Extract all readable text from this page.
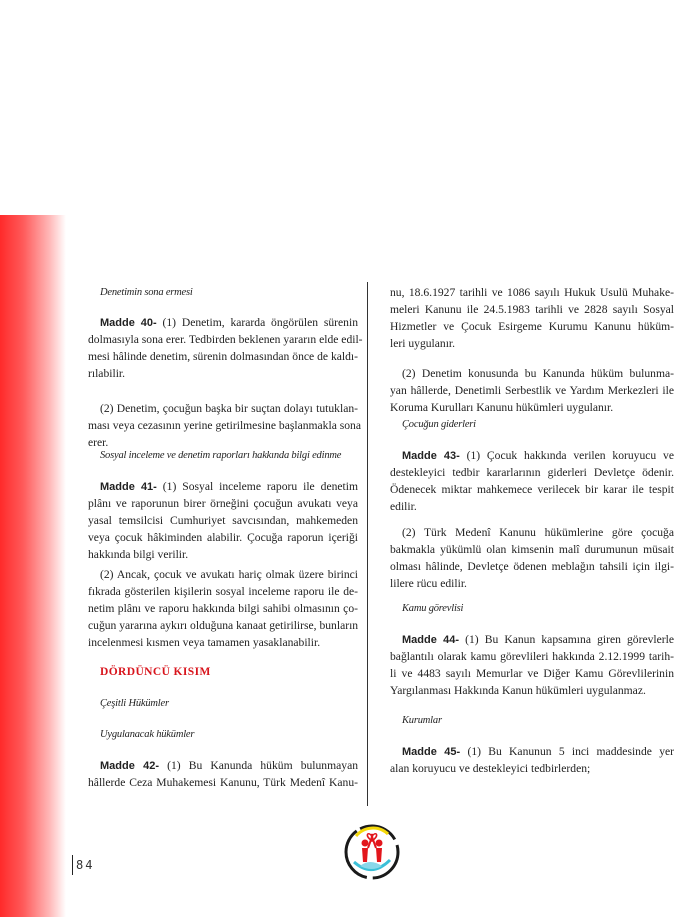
Denetimin sona ermesi
Madde 40- (1) Denetim, kararda öngörülen sürenin
dolmasıyla sona erer. Tedbirden beklenen yararın elde edil-
mesi hâlinde denetim, sürenin dolmasından önce de kaldı-
rılabilir.
(2) Denetim, çocuğun başka bir suçtan dolayı tutuklan-
ması veya cezasının yerine getirilmesine başlanmakla sona
erer.
Sosyal inceleme ve denetim raporları hakkında bilgi edinme
Madde 41- (1) Sosyal inceleme raporu ile denetim
plânı ve raporunun birer örneğini çocuğun avukatı veya
yasal temsilcisi Cumhuriyet savcısından, mahkemeden
veya çocuk hâkiminden alabilir. Çocuğa raporun içeriği
hakkında bilgi verilir.
(2) Ancak, çocuk ve avukatı hariç olmak üzere birinci
fıkrada gösterilen kişilerin sosyal inceleme raporu ile de-
netim plânı ve raporu hakkında bilgi sahibi olmasının ço-
cuğun yararına aykırı olduğuna kanaat getirilirse, bunların
incelenmesi kısmen veya tamamen yasaklanabilir.
DÖRDÜNCÜ KISIM
Çeşitli Hükümler
Uygulanacak hükümler
Madde 42- (1) Bu Kanunda hüküm bulunmayan
hâllerde Ceza Muhakemesi Kanunu, Türk Medenî Kanu-
nu, 18.6.1927 tarihli ve 1086 sayılı Hukuk Usulü Muhake-
meleri Kanunu ile 24.5.1983 tarihli ve 2828 sayılı Sosyal
Hizmetler ve Çocuk Esirgeme Kurumu Kanunu hüküm-
leri uygulanır.
(2) Denetim konusunda bu Kanunda hüküm bulunma-
yan hâllerde, Denetimli Serbestlik ve Yardım Merkezleri ile
Koruma Kurulları Kanunu hükümleri uygulanır.
Çocuğun giderleri
Madde 43- (1) Çocuk hakkında verilen koruyucu ve
destekleyici tedbir kararlarının giderleri Devletçe ödenir.
Ödenecek miktar mahkemece verilecek bir karar ile tespit
edilir.
(2) Türk Medenî Kanunu hükümlerine göre çocuğa
bakmakla yükümlü olan kimsenin malî durumunun müsait
olması hâlinde, Devletçe ödenen meblağın tahsili için ilgi-
lilere rücu edilir.
Kamu görevlisi
Madde 44- (1) Bu Kanun kapsamına giren görevlerle
bağlantılı olarak kamu görevlileri hakkında 2.12.1999 tarih-
li ve 4483 sayılı Memurlar ve Diğer Kamu Görevlilerinin
Yargılanması Hakkında Kanun hükümleri uygulanmaz.
Kurumlar
Madde 45- (1) Bu Kanunun 5 inci maddesinde yer
alan koruyucu ve destekleyici tedbirlerden;
84
